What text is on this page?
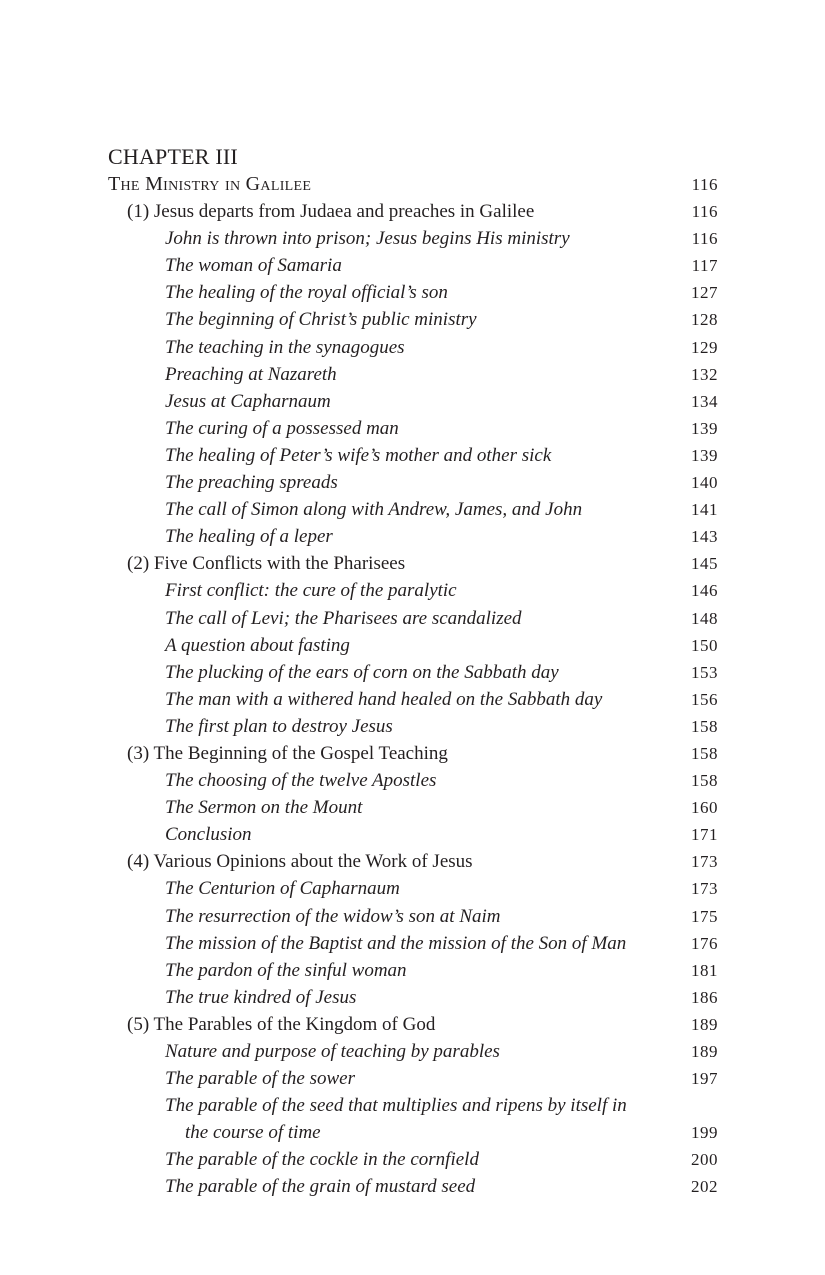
CHAPTER III
The Ministry in Galilee	116
(1) Jesus departs from Judaea and preaches in Galilee	116
John is thrown into prison; Jesus begins His ministry	116
The woman of Samaria	117
The healing of the royal official’s son	127
The beginning of Christ’s public ministry	128
The teaching in the synagogues	129
Preaching at Nazareth	132
Jesus at Capharnaum	134
The curing of a possessed man	139
The healing of Peter’s wife’s mother and other sick	139
The preaching spreads	140
The call of Simon along with Andrew, James, and John	141
The healing of a leper	143
(2) Five Conflicts with the Pharisees	145
First conflict: the cure of the paralytic	146
The call of Levi; the Pharisees are scandalized	148
A question about fasting	150
The plucking of the ears of corn on the Sabbath day	153
The man with a withered hand healed on the Sabbath day	156
The first plan to destroy Jesus	158
(3) The Beginning of the Gospel Teaching	158
The choosing of the twelve Apostles	158
The Sermon on the Mount	160
Conclusion	171
(4) Various Opinions about the Work of Jesus	173
The Centurion of Capharnaum	173
The resurrection of the widow’s son at Naim	175
The mission of the Baptist and the mission of the Son of Man	176
The pardon of the sinful woman	181
The true kindred of Jesus	186
(5) The Parables of the Kingdom of God	189
Nature and purpose of teaching by parables	189
The parable of the sower	197
The parable of the seed that multiplies and ripens by itself in
the course of time	199
The parable of the cockle in the cornfield	200
The parable of the grain of mustard seed	202
